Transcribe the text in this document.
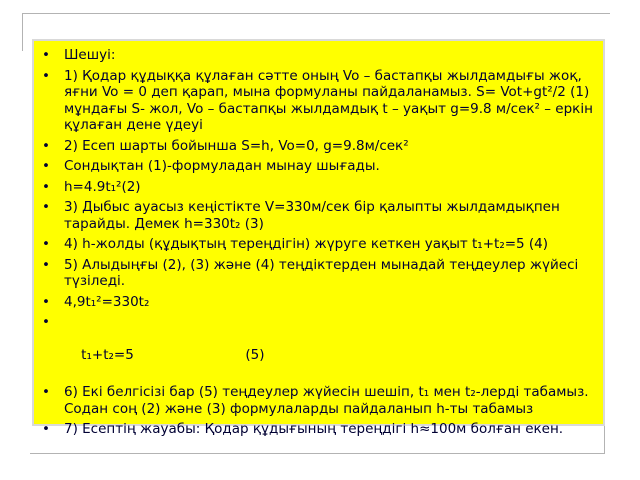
• Шешуі:
• 1) Қодар құдыққа құлаған сәтте оның Vo – бастапқы жылдамдығы жоқ, яғни Vo = 0 деп қарап, мына формуланы пайдаланамыз. S= Vot+gt²/2 (1) мұндағы S- жол, Vo – бастапқы жылдамдық t – уақыт g=9.8 м/сек² – еркін құлаған дене үдеуі
• 2) Есеп шарты бойынша S=h, Vo=0, g=9.8м/сек²
• Сондықтан (1)-формуладан мынау шығады.
• h=4.9t₁²(2)
• 3) Дыбыс ауасыз кеңістікте V=330м/сек бір қалыпты жылдамдықпен тарайды. Демек h=330t₂ (3)
• 4) h-жолды (құдықтың тереңдігін) жүруге кеткен уақыт t₁+t₂=5 (4)
• 5) Алыдыңғы (2), (3) және (4) теңдіктерден мынадай теңдеулер жүйесі түзіледі.
• 4,9t₁²=330t₂

•

t₁+t₂=5                          (5)

• 6) Екі белгісізі бар (5) теңдеулер жүйесін шешіп, t₁ мен t₂-лерді табамыз. Содан соң (2) және (3) формулаларды пайдаланып h-ты табамыз
• 7) Есептің жауабы: Қодар құдығының тереңдігі h≈100м болған екен.
